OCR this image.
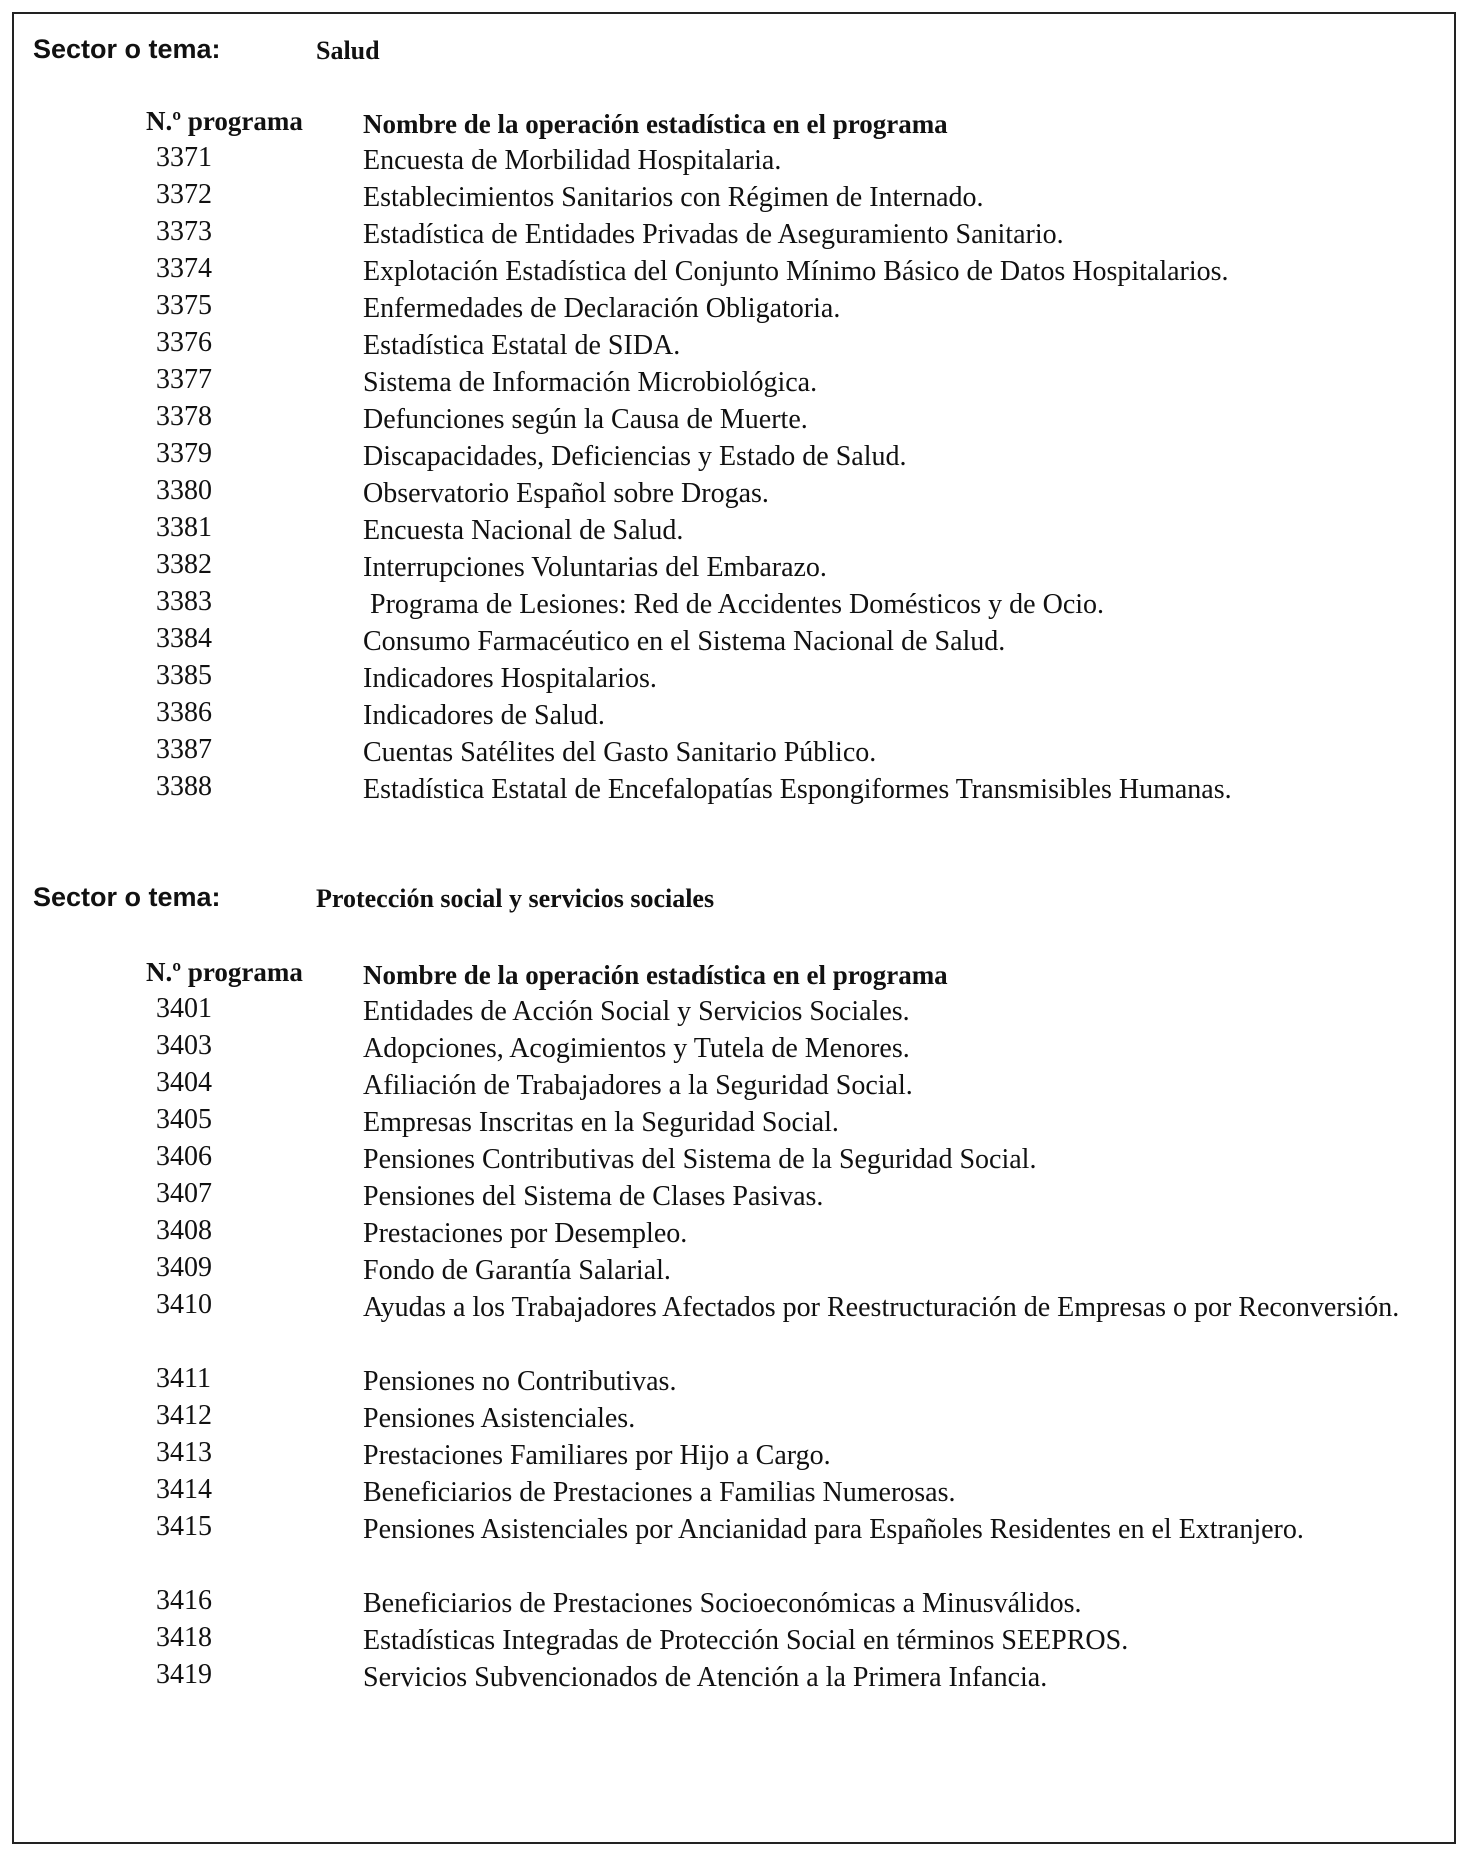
Sector o tema:	Salud
N.º programa Nombre de la operación estadística en el programa
3371	Encuesta de Morbilidad Hospitalaria.
3372	Establecimientos Sanitarios con Régimen de Internado.
3373	Estadística de Entidades Privadas de Aseguramiento Sanitario.
3374	Explotación Estadística del Conjunto Mínimo Básico de Datos Hospitalarios.
3375	Enfermedades de Declaración Obligatoria.
3376	Estadística Estatal de SIDA.
3377	Sistema de Información Microbiológica.
3378	Defunciones según la Causa de Muerte.
3379	Discapacidades, Deficiencias y Estado de Salud.
3380	Observatorio Español sobre Drogas.
3381	Encuesta Nacional de Salud.
3382	Interrupciones Voluntarias del Embarazo.
3383	Programa de Lesiones: Red de Accidentes Domésticos y de Ocio.
3384	Consumo Farmacéutico en el Sistema Nacional de Salud.
3385	Indicadores Hospitalarios.
3386	Indicadores de Salud.
3387	Cuentas Satélites del Gasto Sanitario Público.
3388	Estadística Estatal de Encefalopatías Espongiformes Transmisibles Humanas.
Sector o tema:	Protección social y servicios sociales
N.º programa Nombre de la operación estadística en el programa
3401	Entidades de Acción Social y Servicios Sociales.
3403	Adopciones, Acogimientos y Tutela de Menores.
3404	Afiliación de Trabajadores a la Seguridad Social.
3405	Empresas Inscritas en la Seguridad Social.
3406	Pensiones Contributivas del Sistema de la Seguridad Social.
3407	Pensiones del Sistema de Clases Pasivas.
3408	Prestaciones por Desempleo.
3409	Fondo de Garantía Salarial.
3410	Ayudas a los Trabajadores Afectados por Reestructuración de Empresas o por Reconversión.
3411	Pensiones no Contributivas.
3412	Pensiones Asistenciales.
3413	Prestaciones Familiares por Hijo a Cargo.
3414	Beneficiarios de Prestaciones a Familias Numerosas.
3415	Pensiones Asistenciales por Ancianidad para Españoles Residentes en el Extranjero.
3416	Beneficiarios de Prestaciones Socioeconómicas a Minusválidos.
3418	Estadísticas Integradas de Protección Social en términos SEEPROS.
3419	Servicios Subvencionados de Atención a la Primera Infancia.
